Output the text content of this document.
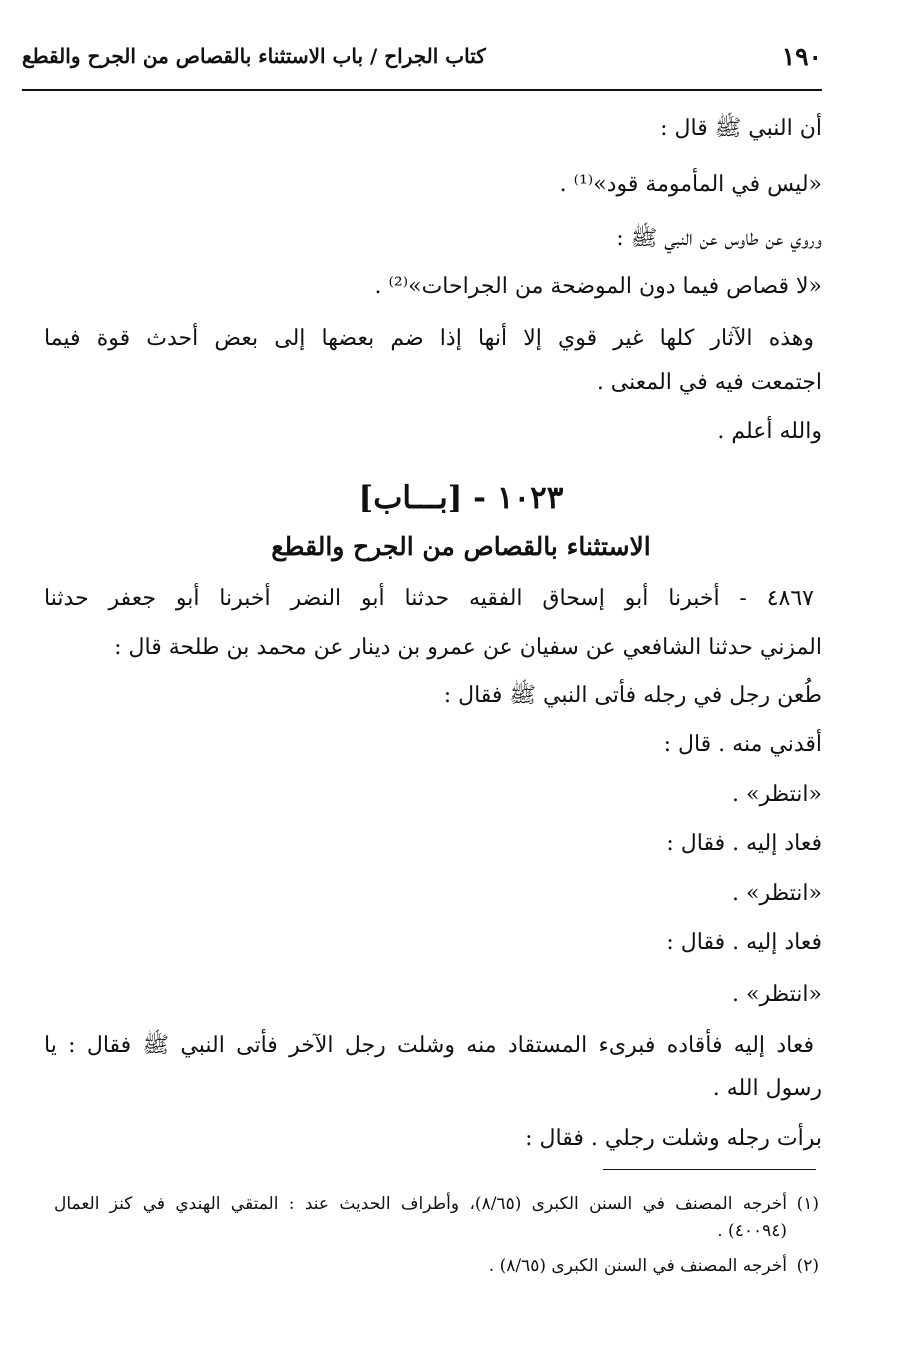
١٩٠
كتاب الجراح / باب الاستثناء بالقصاص من الجرح والقطع
أن النبي ﷺ قال :
«ليس في المأمومة قود»⁽¹⁾ .
وروي عن طاوس عن النبي ﷺ :
«لا قصاص فيما دون الموضحة من الجراحات»⁽²⁾ .
وهذه الآثار كلها غير قوي إلا أنها إذا ضم بعضها إلى بعض أحدث قوة فيما
اجتمعت فيه في المعنى .
والله أعلم .
١٠٢٣ - [بـــاب]
الاستثناء بالقصاص من الجرح والقطع
٤٨٦٧ - أخبرنا أبو إسحاق الفقيه حدثنا أبو النضر أخبرنا أبو جعفر حدثنا
المزني حدثنا الشافعي عن سفيان عن عمرو بن دينار عن محمد بن طلحة قال :
طُعن رجل في رجله فأتى النبي ﷺ فقال :
أقدني منه . قال :
«انتظر» .
فعاد إليه . فقال :
«انتظر» .
فعاد إليه . فقال :
«انتظر» .
فعاد إليه فأقاده فبرىء المستقاد منه وشلت رجل الآخر فأتى النبي ﷺ فقال : يا
رسول الله .
برأت رجله وشلت رجلي . فقال :
(١)
أخرجه المصنف في السنن الكبرى (٨/٦٥)، وأطراف الحديث عند : المتقي الهندي في كنز العمال
(٤٠٠٩٤) .
(٢)
أخرجه المصنف في السنن الكبرى (٨/٦٥) .
